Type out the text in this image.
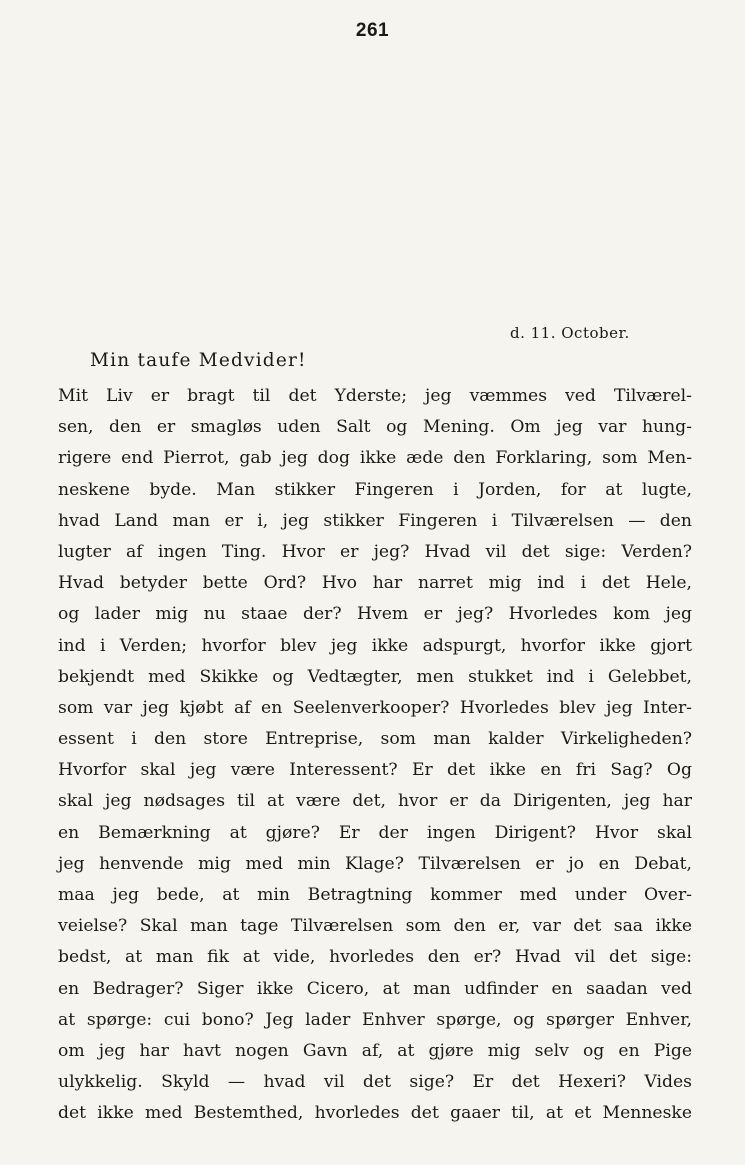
261
d. 11. October.
Min taufe Medvider!
Mit Liv er bragt til det Yderste; jeg væmmes ved Tilværel-
sen, den er smagløs uden Salt og Mening. Om jeg var hung-
rigere end Pierrot, gab jeg dog ikke æde den Forklaring, som Men-
neskene byde. Man stikker Fingeren i Jorden, for at lugte,
hvad Land man er i, jeg stikker Fingeren i Tilværelsen — den
lugter af ingen Ting. Hvor er jeg? Hvad vil det sige: Verden?
Hvad betyder bette Ord? Hvo har narret mig ind i det Hele,
og lader mig nu staae der? Hvem er jeg? Hvorledes kom jeg
ind i Verden; hvorfor blev jeg ikke adspurgt, hvorfor ikke gjort
bekjendt med Skikke og Vedtægter, men stukket ind i Gelebbet,
som var jeg kjøbt af en Seelenverkooper? Hvorledes blev jeg Inter-
essent i den store Entreprise, som man kalder Virkeligheden?
Hvorfor skal jeg være Interessent? Er det ikke en fri Sag? Og
skal jeg nødsages til at være det, hvor er da Dirigenten, jeg har
en Bemærkning at gjøre? Er der ingen Dirigent? Hvor skal
jeg henvende mig med min Klage? Tilværelsen er jo en Debat,
maa jeg bede, at min Betragtning kommer med under Over-
veielse? Skal man tage Tilværelsen som den er, var det saa ikke
bedst, at man fik at vide, hvorledes den er? Hvad vil det sige:
en Bedrager? Siger ikke Cicero, at man udfinder en saadan ved
at spørge: cui bono? Jeg lader Enhver spørge, og spørger Enhver,
om jeg har havt nogen Gavn af, at gjøre mig selv og en Pige
ulykkelig. Skyld — hvad vil det sige? Er det Hexeri? Vides
det ikke med Bestemthed, hvorledes det gaaer til, at et Menneske
